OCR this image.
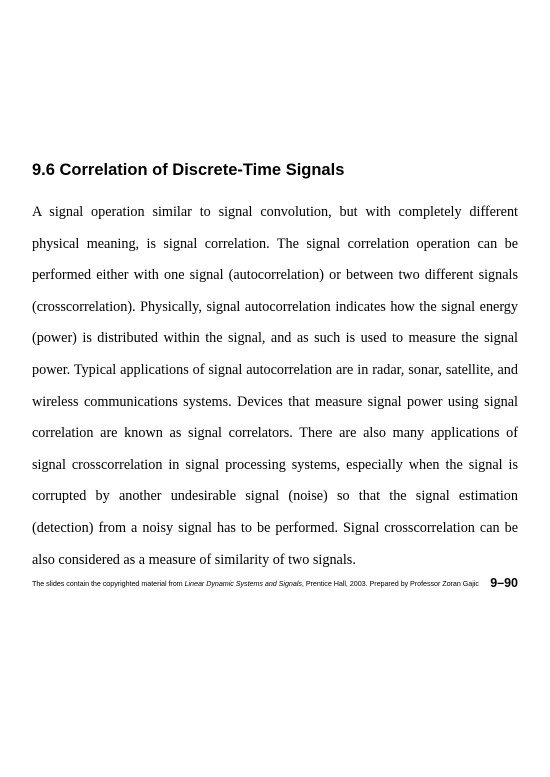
9.6 Correlation of Discrete-Time Signals

A signal operation similar to signal convolution, but with completely different physical meaning, is signal correlation. The signal correlation operation can be performed either with one signal (autocorrelation) or between two different signals (crosscorrelation). Physically, signal autocorrelation indicates how the signal energy (power) is distributed within the signal, and as such is used to measure the signal power. Typical applications of signal autocorrelation are in radar, sonar, satellite, and wireless communications systems. Devices that measure signal power using signal correlation are known as signal correlators. There are also many applications of signal crosscorrelation in signal processing systems, especially when the signal is corrupted by another undesirable signal (noise) so that the signal estimation (detection) from a noisy signal has to be performed. Signal crosscorrelation can be also considered as a measure of similarity of two signals.

The slides contain the copyrighted material from Linear Dynamic Systems and Signals, Prentice Hall, 2003. Prepared by Professor Zoran Gajic 9–90
